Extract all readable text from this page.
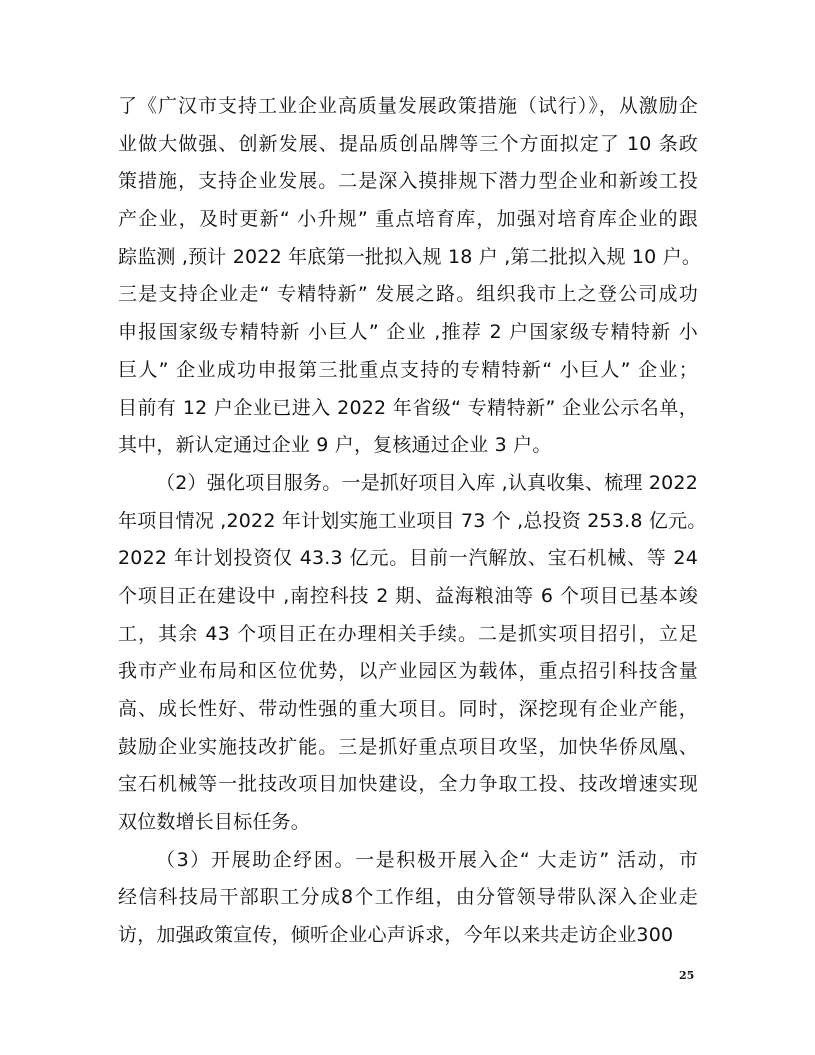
了《广汉市支持工业企业高质量发展政策措施（试行）》，从激励企
业做大做强、创新发展、提品质创品牌等三个方面拟定了 10 条政
策措施，支持企业发展。二是深入摸排规下潜力型企业和新竣工投
产企业，及时更新“ 小升规” 重点培育库，加强对培育库企业的跟
踪监测 ,预计 2022 年底第一批拟入规 18 户 ,第二批拟入规 10 户。
三是支持企业走“ 专精特新” 发展之路。组织我市上之登公司成功
申报国家级专精特新 小巨人” 企业 ,推荐 2 户国家级专精特新 小
巨人” 企业成功申报第三批重点支持的专精特新“ 小巨人” 企业；
目前有 12 户企业已进入 2022 年省级“ 专精特新” 企业公示名单，
其中，新认定通过企业 9 户，复核通过企业 3 户。
（2）强化项目服务。一是抓好项目入库 ,认真收集、梳理 2022
年项目情况 ,2022 年计划实施工业项目 73 个 ,总投资 253.8 亿元。
2022 年计划投资仅 43.3 亿元。目前一汽解放、宝石机械、等 24
个项目正在建设中 ,南控科技 2 期、益海粮油等 6 个项目已基本竣
工，其余 43 个项目正在办理相关手续。二是抓实项目招引，立足
我市产业布局和区位优势，以产业园区为载体，重点招引科技含量
高、成长性好、带动性强的重大项目。同时，深挖现有企业产能，
鼓励企业实施技改扩能。三是抓好重点项目攻坚，加快华侨凤凰、
宝石机械等一批技改项目加快建设，全力争取工投、技改增速实现
双位数增长目标任务。
（3）开展助企纾困。一是积极开展入企“ 大走访” 活动，市
经信科技局干部职工分成8个工作组，由分管领导带队深入企业走
访，加强政策宣传，倾听企业心声诉求，今年以来共走访企业300
25
